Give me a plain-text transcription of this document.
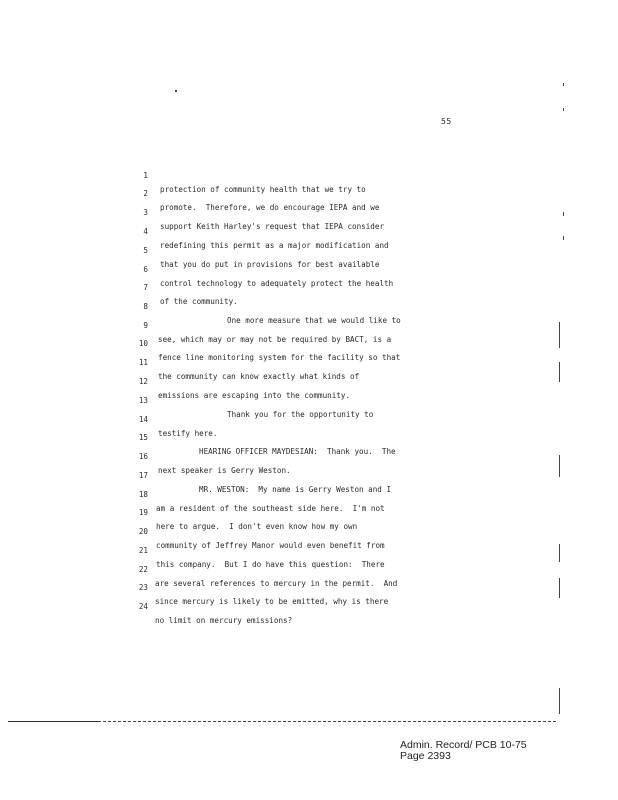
55

1

protection of community health that we try to

2

promote.  Therefore, we do encourage IEPA and we

3

support Keith Harley's request that IEPA consider

4

redefining this permit as a major modification and

5

that you do put in provisions for best available

6

control technology to adequately protect the health

7

of the community.

8

One more measure that we would like to

9

see, which may or may not be required by BACT, is a

10

fence line monitoring system for the facility so that

11

the community can know exactly what kinds of

12

emissions are escaping into the community.

13

Thank you for the opportunity to

14

testify here.

15

HEARING OFFICER MAYDESIAN:  Thank you.  The

16

next speaker is Gerry Weston.

17

MR. WESTON:  My name is Gerry Weston and I

18

am a resident of the southeast side here.  I'm not

19

here to argue.  I don't even know how my own

20

community of Jeffrey Manor would even benefit from

21

this company.  But I do have this question:  There

22

are several references to mercury in the permit.  And

23

since mercury is likely to be emitted, why is there

24

no limit on mercury emissions?

Admin. Record/ PCB 10-75
Page 2393
